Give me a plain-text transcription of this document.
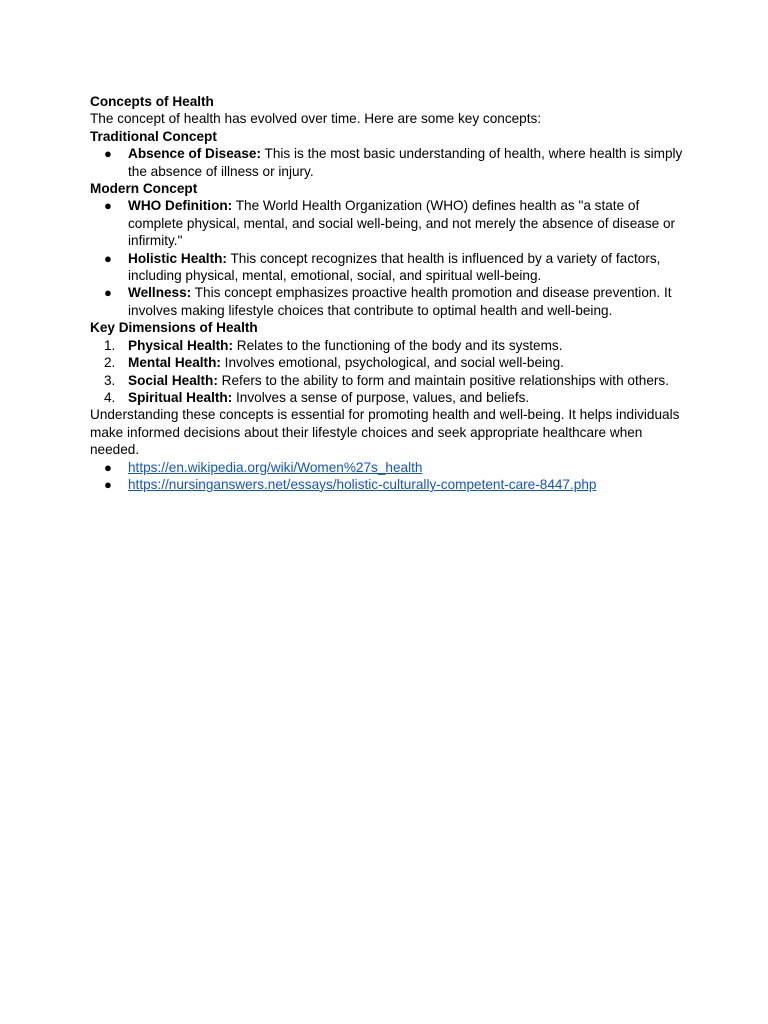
Concepts of Health

The concept of health has evolved over time. Here are some key concepts:

Traditional Concept

●	Absence of Disease: This is the most basic understanding of health, where health is simply the absence of illness or injury.

Modern Concept

●	WHO Definition: The World Health Organization (WHO) defines health as "a state of complete physical, mental, and social well-being, and not merely the absence of disease or infirmity."
●	Holistic Health: This concept recognizes that health is influenced by a variety of factors, including physical, mental, emotional, social, and spiritual well-being.
●	Wellness: This concept emphasizes proactive health promotion and disease prevention. It involves making lifestyle choices that contribute to optimal health and well-being.

Key Dimensions of Health

1. Physical Health: Relates to the functioning of the body and its systems.
2. Mental Health: Involves emotional, psychological, and social well-being.
3. Social Health: Refers to the ability to form and maintain positive relationships with others.
4. Spiritual Health: Involves a sense of purpose, values, and beliefs.

Understanding these concepts is essential for promoting health and well-being. It helps individuals make informed decisions about their lifestyle choices and seek appropriate healthcare when needed.

●	https://en.wikipedia.org/wiki/Women%27s_health
●	https://nursinganswers.net/essays/holistic-culturally-competent-care-8447.php
